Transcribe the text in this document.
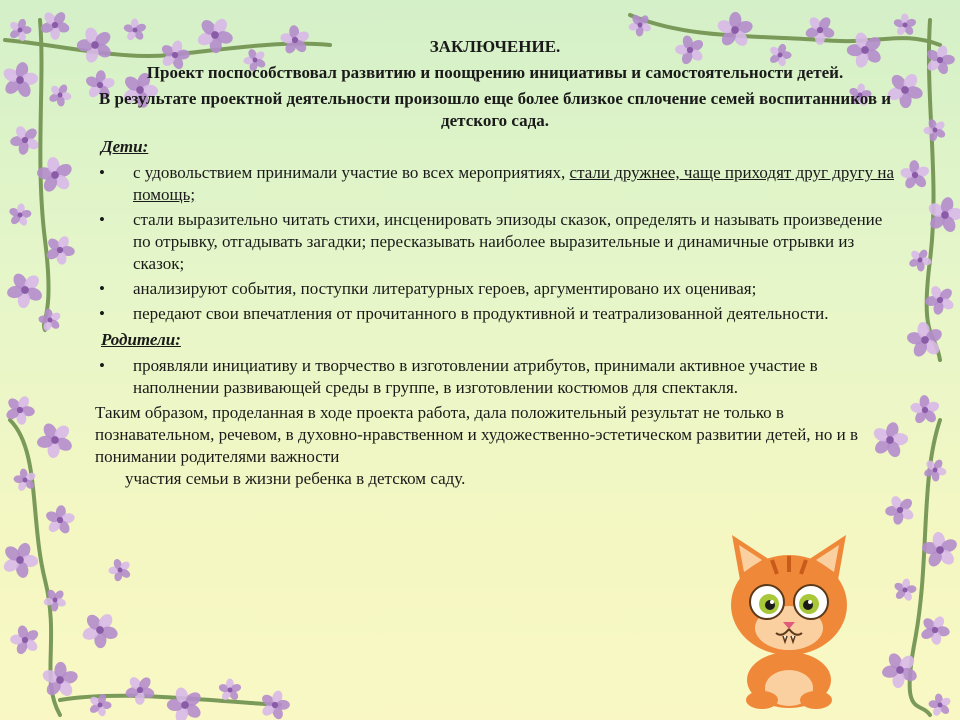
ЗАКЛЮЧЕНИЕ.

Проект поспособствовал развитию и поощрению инициативы и самостоятельности детей.

В результате проектной деятельности произошло еще более близкое сплочение семей воспитанников и детского сада.

Дети:

• с удовольствием принимали участие во всех мероприятиях, стали дружнее, чаще приходят друг другу на помощь;
• стали выразительно читать стихи, инсценировать эпизоды сказок, определять и называть произведение по отрывку, отгадывать загадки; пересказывать наиболее выразительные и динамичные отрывки из сказок;
• анализируют события, поступки литературных героев, аргументировано их оценивая;
• передают свои впечатления от прочитанного в продуктивной и театрализованной деятельности.

Родители:

• проявляли инициативу и творчество в изготовлении атрибутов, принимали активное участие в наполнении развивающей среды в группе, в изготовлении костюмов для спектакля.

Таким образом, проделанная в ходе проекта работа, дала положительный результат не только в познавательном, речевом, в духовно-нравственном и художественно-эстетическом развитии детей, но и в понимании родителями важности

участия семьи в жизни ребенка в детском саду.
